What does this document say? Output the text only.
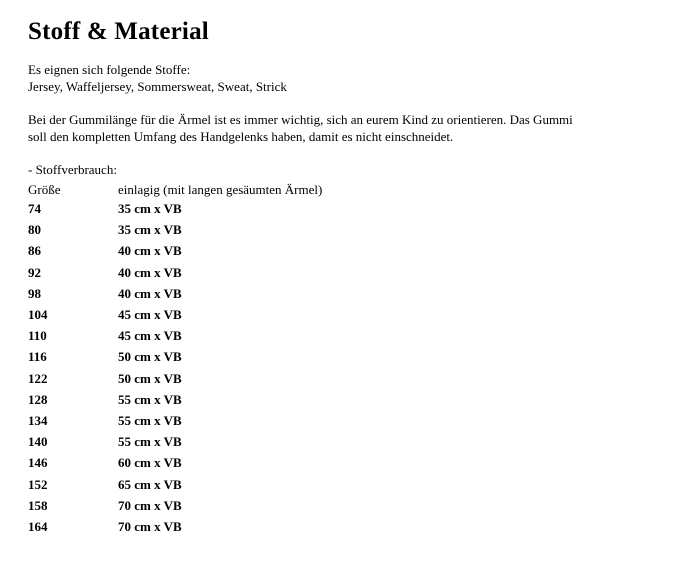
Stoff & Material

Es eignen sich folgende Stoffe:
Jersey, Waffeljersey, Sommersweat, Sweat, Strick

Bei der Gummilänge für die Ärmel ist es immer wichtig, sich an eurem Kind zu orientieren. Das Gummi
soll den kompletten Umfang des Handgelenks haben, damit es nicht einschneidet.

- Stoffverbrauch:

Größe	einlagig (mit langen gesäumten Ärmel)
74	35 cm x VB
80	35 cm x VB
86	40 cm x VB
92	40 cm x VB
98	40 cm x VB
104	45 cm x VB
110	45 cm x VB
116	50 cm x VB
122	50 cm x VB
128	55 cm x VB
134	55 cm x VB
140	55 cm x VB
146	60 cm x VB
152	65 cm x VB
158	70 cm x VB
164	70 cm x VB
